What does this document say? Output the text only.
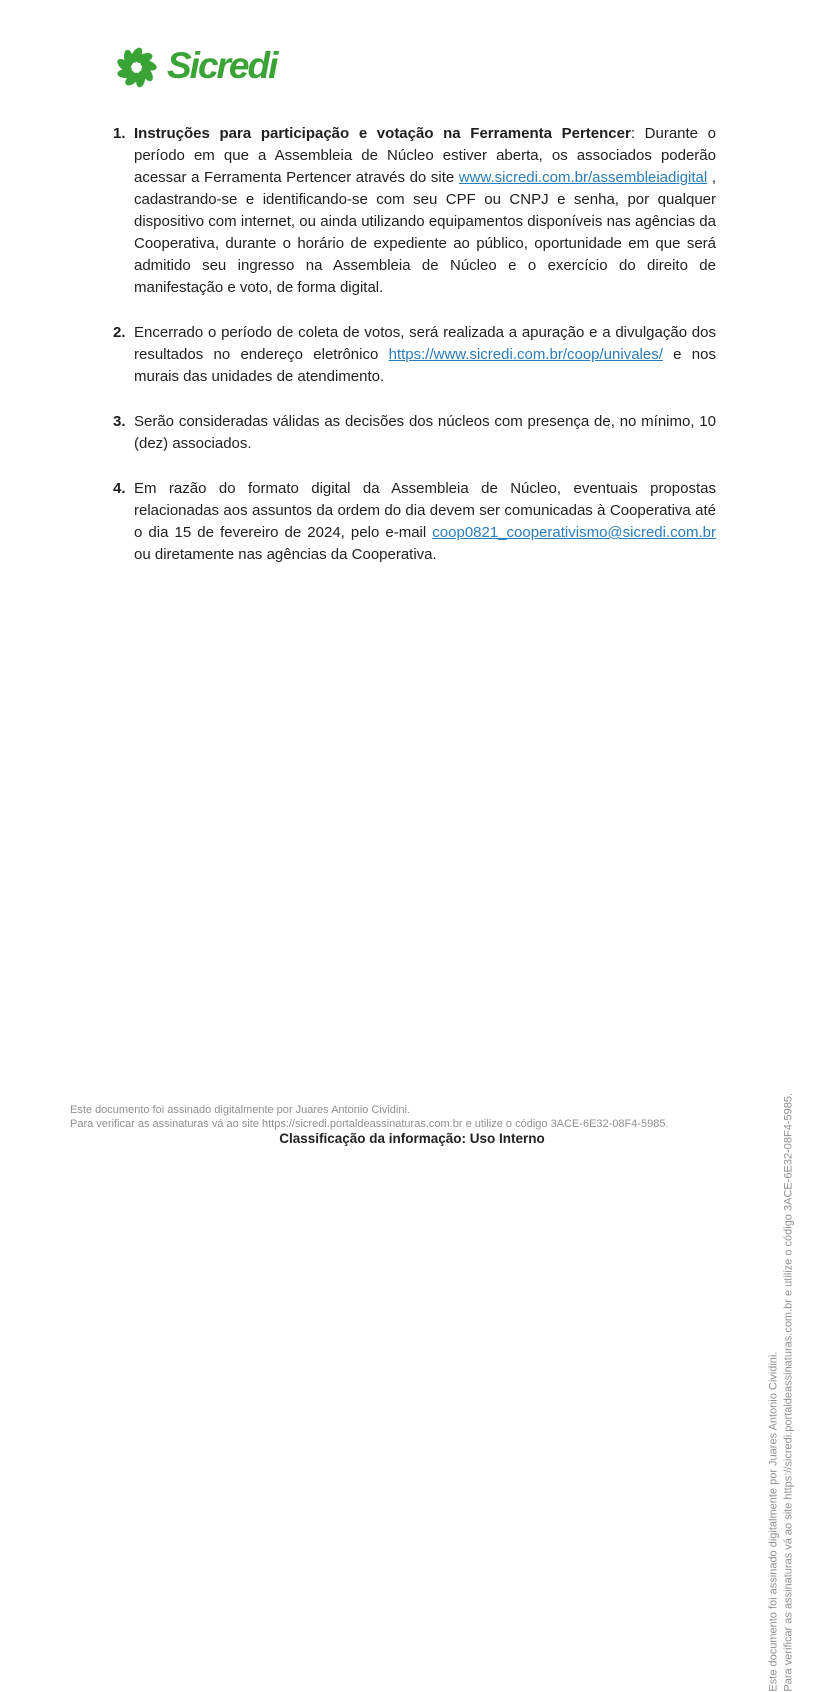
Sicredi
1. Instruções para participação e votação na Ferramenta Pertencer: Durante o período em que a Assembleia de Núcleo estiver aberta, os associados poderão acessar a Ferramenta Pertencer através do site www.sicredi.com.br/assembleiadigital , cadastrando-se e identificando-se com seu CPF ou CNPJ e senha, por qualquer dispositivo com internet, ou ainda utilizando equipamentos disponíveis nas agências da Cooperativa, durante o horário de expediente ao público, oportunidade em que será admitido seu ingresso na Assembleia de Núcleo e o exercício do direito de manifestação e voto, de forma digital.
2. Encerrado o período de coleta de votos, será realizada a apuração e a divulgação dos resultados no endereço eletrônico https://www.sicredi.com.br/coop/univales/ e nos murais das unidades de atendimento.
3. Serão consideradas válidas as decisões dos núcleos com presença de, no mínimo, 10 (dez) associados.
4. Em razão do formato digital da Assembleia de Núcleo, eventuais propostas relacionadas aos assuntos da ordem do dia devem ser comunicadas à Cooperativa até o dia 15 de fevereiro de 2024, pelo e-mail coop0821_cooperativismo@sicredi.com.br ou diretamente nas agências da Cooperativa.
Este documento foi assinado digitalmente por Juares Antonio Cividini. Para verificar as assinaturas vá ao site https://sicredi.portaldeassinaturas.com.br e utilize o código 3ACE-6E32-08F4-5985.
Este documento foi assinado digitalmente por Juares Antonio Cividini.
Para verificar as assinaturas vá ao site https://sicredi.portaldeassinaturas.com.br e utilize o código 3ACE-6E32-08F4-5985.
Classificação da informação: Uso Interno
